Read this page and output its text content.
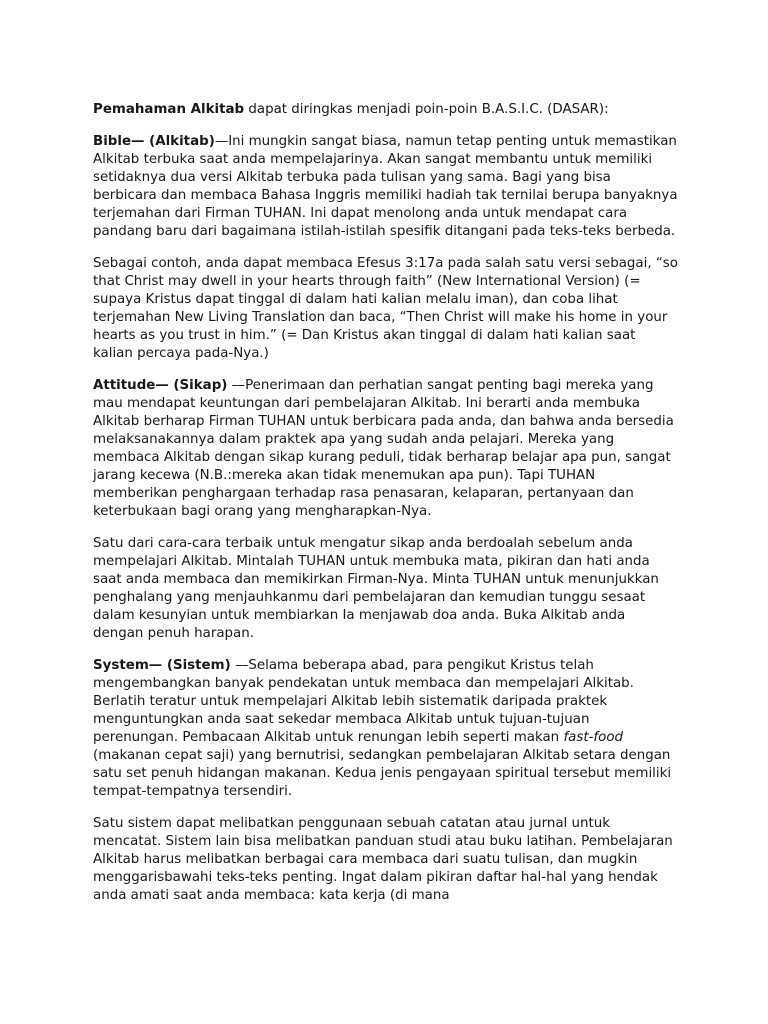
Pemahaman Alkitab dapat diringkas menjadi poin-poin B.A.S.I.C. (DASAR):

Bible— (Alkitab)—Ini mungkin sangat biasa, namun tetap penting untuk memastikan Alkitab terbuka saat anda mempelajarinya. Akan sangat membantu untuk memiliki setidaknya dua versi Alkitab terbuka pada tulisan yang sama. Bagi yang bisa berbicara dan membaca Bahasa Inggris memiliki hadiah tak ternilai berupa banyaknya terjemahan dari Firman TUHAN. Ini dapat menolong anda untuk mendapat cara pandang baru dari bagaimana istilah-istilah spesifik ditangani pada teks-teks berbeda.

Sebagai contoh, anda dapat membaca Efesus 3:17a pada salah satu versi sebagai, “so that Christ may dwell in your hearts through faith” (New International Version) (= supaya Kristus dapat tinggal di dalam hati kalian melalu iman), dan coba lihat terjemahan New Living Translation dan baca, “Then Christ will make his home in your hearts as you trust in him.” (= Dan Kristus akan tinggal di dalam hati kalian saat kalian percaya pada-Nya.)

Attitude— (Sikap) —Penerimaan dan perhatian sangat penting bagi mereka yang mau mendapat keuntungan dari pembelajaran Alkitab. Ini berarti anda membuka Alkitab berharap Firman TUHAN untuk berbicara pada anda, dan bahwa anda bersedia melaksanakannya dalam praktek apa yang sudah anda pelajari. Mereka yang membaca Alkitab dengan sikap kurang peduli, tidak berharap belajar apa pun, sangat jarang kecewa (N.B.:mereka akan tidak menemukan apa pun). Tapi TUHAN memberikan penghargaan terhadap rasa penasaran, kelaparan, pertanyaan dan keterbukaan bagi orang yang mengharapkan-Nya.

Satu dari cara-cara terbaik untuk mengatur sikap anda berdoalah sebelum anda mempelajari Alkitab. Mintalah TUHAN untuk membuka mata, pikiran dan hati anda saat anda membaca dan memikirkan Firman-Nya. Minta TUHAN untuk menunjukkan penghalang yang menjauhkanmu dari pembelajaran dan kemudian tunggu sesaat dalam kesunyian untuk membiarkan Ia menjawab doa anda. Buka Alkitab anda dengan penuh harapan.

System— (Sistem) —Selama beberapa abad, para pengikut Kristus telah mengembangkan banyak pendekatan untuk membaca dan mempelajari Alkitab. Berlatih teratur untuk mempelajari Alkitab lebih sistematik daripada praktek menguntungkan anda saat sekedar membaca Alkitab untuk tujuan-tujuan perenungan. Pembacaan Alkitab untuk renungan lebih seperti makan fast-food (makanan cepat saji) yang bernutrisi, sedangkan pembelajaran Alkitab setara dengan satu set penuh hidangan makanan. Kedua jenis pengayaan spiritual tersebut memiliki tempat-tempatnya tersendiri.

Satu sistem dapat melibatkan penggunaan sebuah catatan atau jurnal untuk mencatat. Sistem lain bisa melibatkan panduan studi atau buku latihan. Pembelajaran Alkitab harus melibatkan berbagai cara membaca dari suatu tulisan, dan mugkin menggarisbawahi teks-teks penting. Ingat dalam pikiran daftar hal-hal yang hendak anda amati saat anda membaca: kata kerja (di mana
